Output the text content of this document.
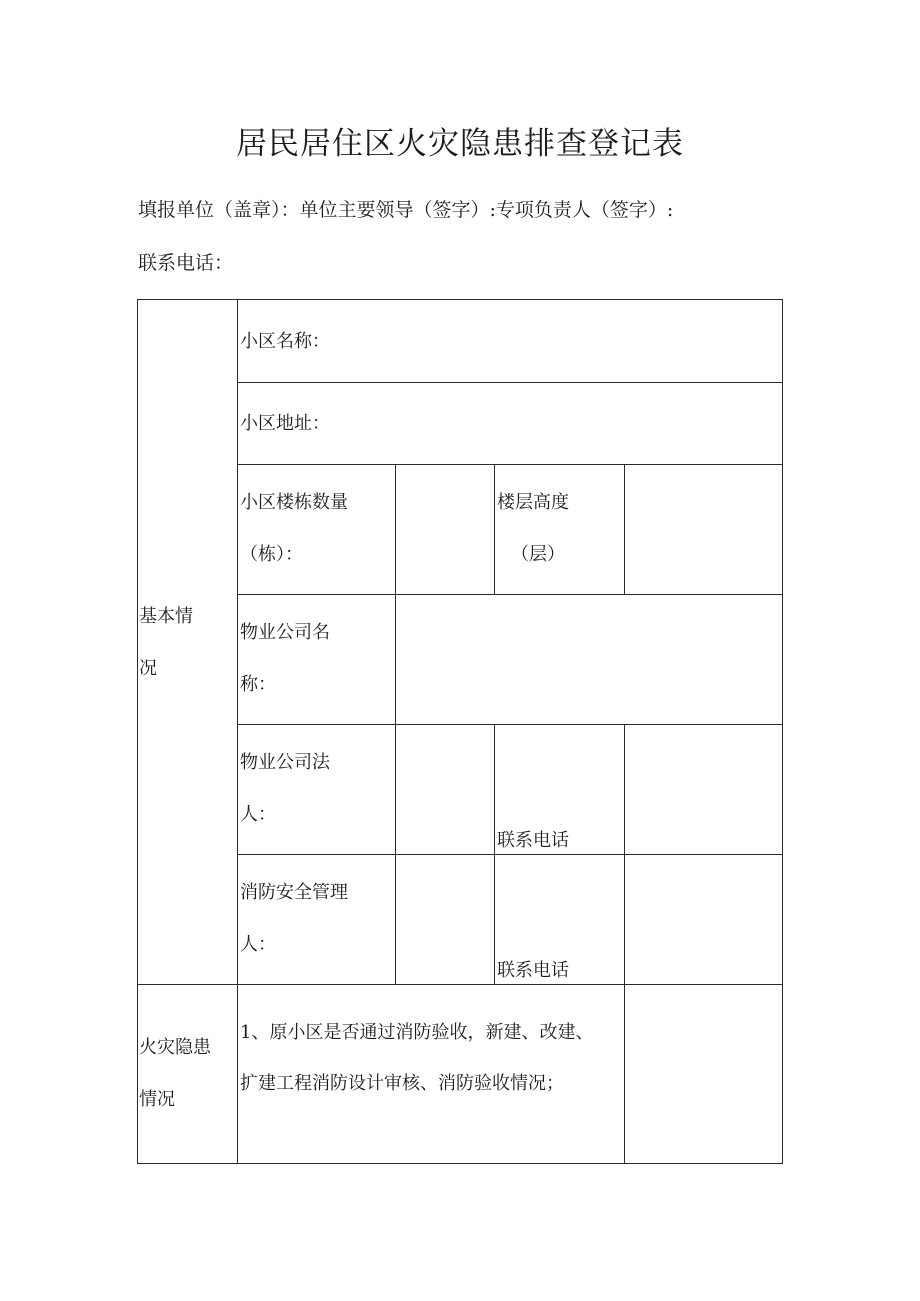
居民居住区火灾隐患排查登记表
填报单位（盖章）：单位主要领导（签字）:专项负责人（签字）:
联系电话：
基本情
况
小区名称：
小区地址：
小区楼栋数量
（栋）：
楼层高度
（层）
物业公司名
称：
物业公司法
人：
联系电话
消防安全管理
人：
联系电话
火灾隐患
情况
1、原小区是否通过消防验收，新建、改建、扩建工程消防设计审核、消防验收情况；
